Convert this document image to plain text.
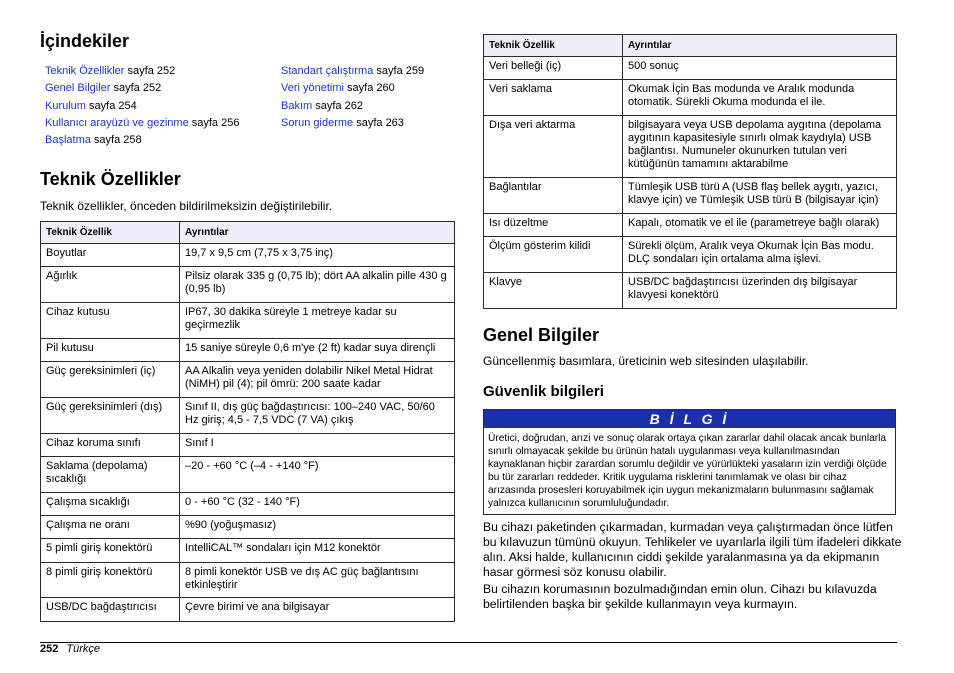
İçindekiler
Teknik Özellikler sayfa 252
Genel Bilgiler sayfa 252
Kurulum sayfa 254
Kullanıcı arayüzü ve gezinme sayfa 256
Başlatma sayfa 258
Standart çalıştırma sayfa 259
Veri yönetimi sayfa 260
Bakım sayfa 262
Sorun giderme sayfa 263
Teknik Özellikler
Teknik özellikler, önceden bildirilmeksizin değiştirilebilir.
Teknik Özellik	Ayrıntılar
Boyutlar	19,7 x 9,5 cm (7,75 x 3,75 inç)
Ağırlık	Pilsiz olarak 335 g (0,75 lb); dört AA alkalin pille 430 g (0,95 lb)
Cihaz kutusu	IP67, 30 dakika süreyle 1 metreye kadar su geçirmezlik
Pil kutusu	15 saniye süreyle 0,6 m'ye (2 ft) kadar suya dirençli
Güç gereksinimleri (iç)	AA Alkalin veya yeniden dolabilir Nikel Metal Hidrat (NiMH) pil (4); pil ömrü: 200 saate kadar
Güç gereksinimleri (dış)	Sınıf II, dış güç bağdaştırıcısı: 100–240 VAC, 50/60 Hz giriş; 4,5 - 7,5 VDC (7 VA) çıkış
Cihaz koruma sınıfı	Sınıf I
Saklama (depolama) sıcaklığı	–20 - +60 °C (–4 - +140 °F)
Çalışma sıcaklığı	0 - +60 °C (32 - 140 °F)
Çalışma ne oranı	%90 (yoğuşmasız)
5 pimli giriş konektörü	IntelliCAL™ sondaları için M12 konektör
8 pimli giriş konektörü	8 pimli konektör USB ve dış AC güç bağlantısını etkinleştirir
USB/DC bağdaştırıcısı	Çevre birimi ve ana bilgisayar
Teknik Özellik	Ayrıntılar
Veri belleği (iç)	500 sonuç
Veri saklama	Okumak İçin Bas modunda ve Aralık modunda otomatik. Sürekli Okuma modunda el ile.
Dışa veri aktarma	bilgisayara veya USB depolama aygıtına (depolama aygıtının kapasitesiyle sınırlı olmak kaydıyla) USB bağlantısı. Numuneler okunurken tutulan veri kütüğünün tamamını aktarabilme
Bağlantılar	Tümleşik USB türü A (USB flaş bellek aygıtı, yazıcı, klavye için) ve Tümleşik USB türü B (bilgisayar için)
Isı düzeltme	Kapalı, otomatik ve el ile (parametreye bağlı olarak)
Ölçüm gösterim kilidi	Sürekli ölçüm, Aralık veya Okumak İçin Bas modu. DLÇ sondaları için ortalama alma işlevi.
Klavye	USB/DC bağdaştırıcısı üzerinden dış bilgisayar klavyesi konektörü
Genel Bilgiler
Güncellenmiş basımlara, üreticinin web sitesinden ulaşılabilir.
Güvenlik bilgileri
B İ L G İ
Üretici, doğrudan, arızi ve sonuç olarak ortaya çıkan zararlar dahil olacak ancak bunlarla sınırlı olmayacak şekilde bu ürünün hatalı uygulanması veya kullanılmasından kaynaklanan hiçbir zarardan sorumlu değildir ve yürürlükteki yasaların izin verdiği ölçüde bu tür zararları reddeder. Kritik uygulama risklerini tanımlamak ve olası bir cihaz arızasında prosesleri koruyabilmek için uygun mekanizmaların bulunmasını sağlamak yalnızca kullanıcının sorumluluğundadır.
Bu cihazı paketinden çıkarmadan, kurmadan veya çalıştırmadan önce lütfen bu kılavuzun tümünü okuyun. Tehlikeler ve uyarılarla ilgili tüm ifadeleri dikkate alın. Aksi halde, kullanıcının ciddi şekilde yaralanmasına ya da ekipmanın hasar görmesi söz konusu olabilir.
Bu cihazın korumasının bozulmadığından emin olun. Cihazı bu kılavuzda belirtilenden başka bir şekilde kullanmayın veya kurmayın.
252 Türkçe
